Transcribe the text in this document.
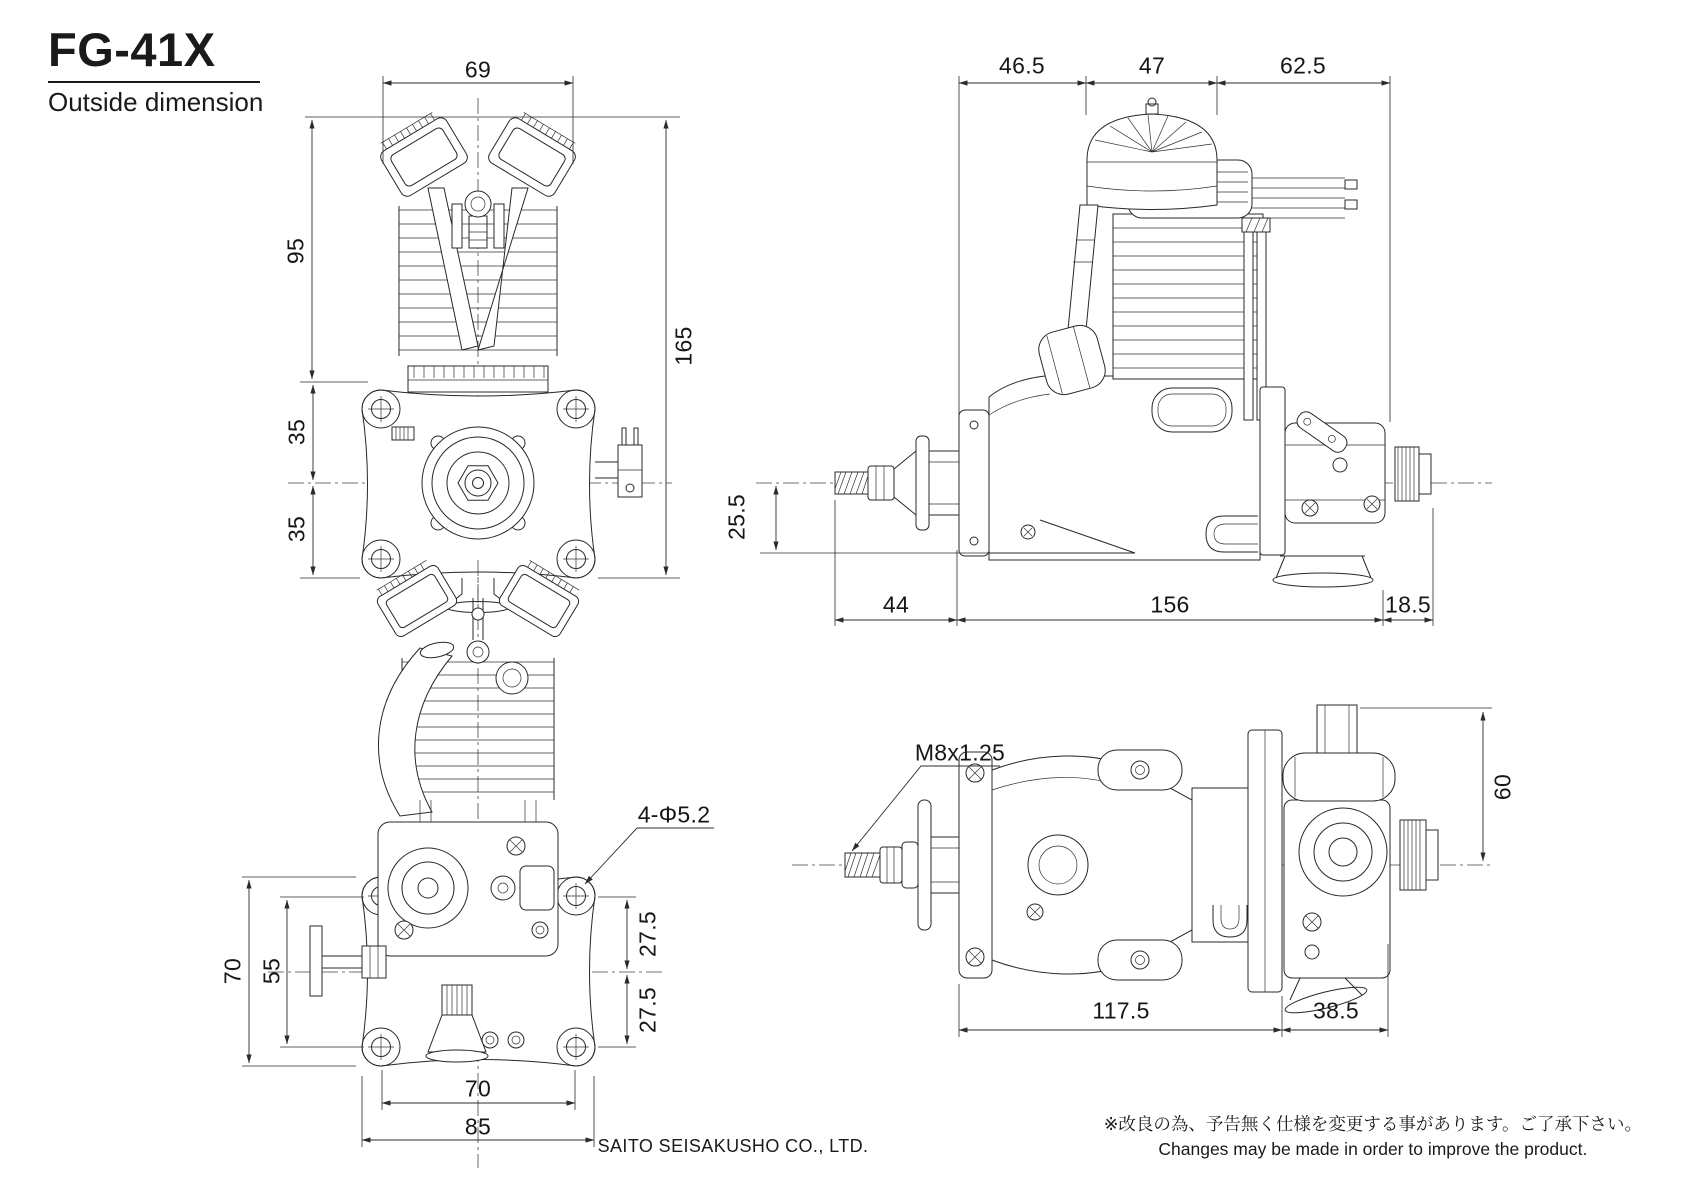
FG-41X
Outside dimension
69
95
35
35
165
46.5	47	62.5
25.5
44	156	18.5
4-Φ5.2
70 55
27.5
27.5
70
85
M8x1.25
60
117.5	38.5
SAITO SEISAKUSHO CO., LTD.
※改良の為、予告無く仕様を変更する事があります。ご了承下さい。
Changes may be made in order to improve the product.
